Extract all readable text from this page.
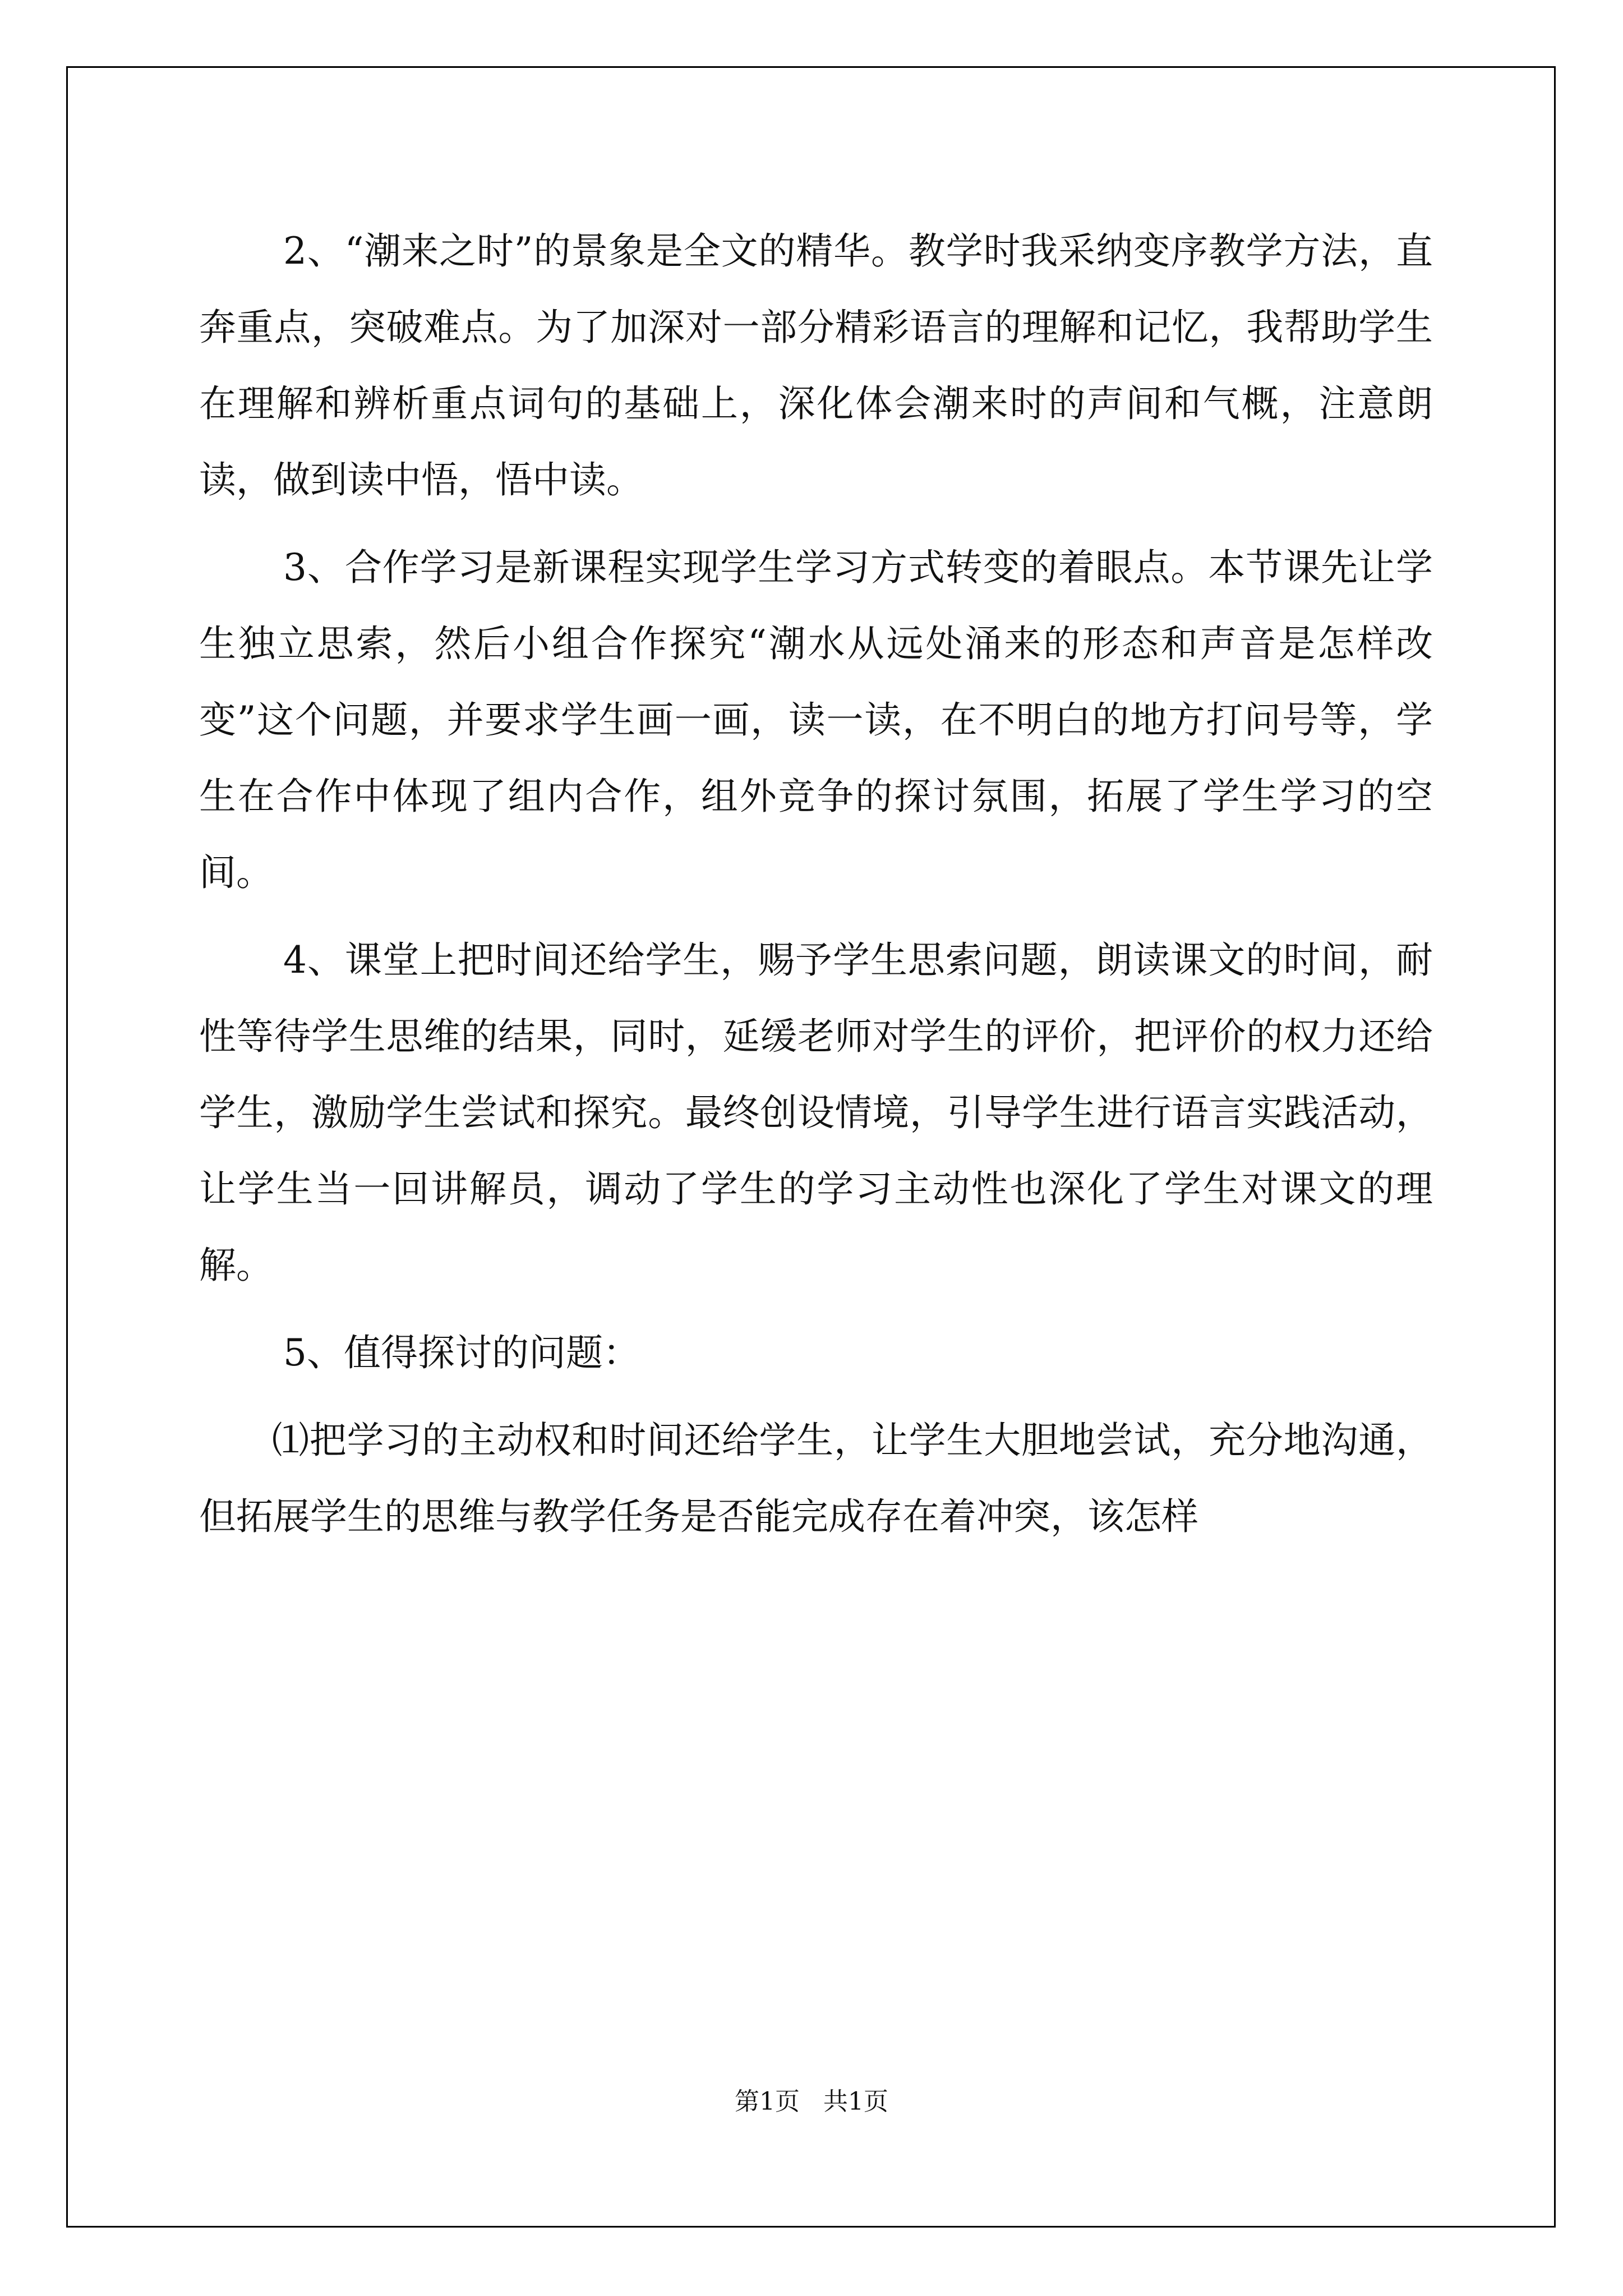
2、“潮来之时”的景象是全文的精华。教学时我采纳变序教学方法，直奔重点，突破难点。为了加深对一部分精彩语言的理解和记忆，我帮助学生在理解和辨析重点词句的基础上，深化体会潮来时的声间和气概，注意朗读，做到读中悟，悟中读。

3、合作学习是新课程实现学生学习方式转变的着眼点。本节课先让学生独立思索，然后小组合作探究“潮水从远处涌来的形态和声音是怎样改变”这个问题，并要求学生画一画，读一读，在不明白的地方打问号等，学生在合作中体现了组内合作，组外竞争的探讨氛围，拓展了学生学习的空间。

4、课堂上把时间还给学生，赐予学生思索问题，朗读课文的时间，耐性等待学生思维的结果，同时，延缓老师对学生的评价，把评价的权力还给学生，激励学生尝试和探究。最终创设情境，引导学生进行语言实践活动，让学生当一回讲解员，调动了学生的学习主动性也深化了学生对课文的理解。

5、值得探讨的问题：

⑴把学习的主动权和时间还给学生，让学生大胆地尝试，充分地沟通，但拓展学生的思维与教学任务是否能完成存在着冲突，该怎样

第1页 共1页
